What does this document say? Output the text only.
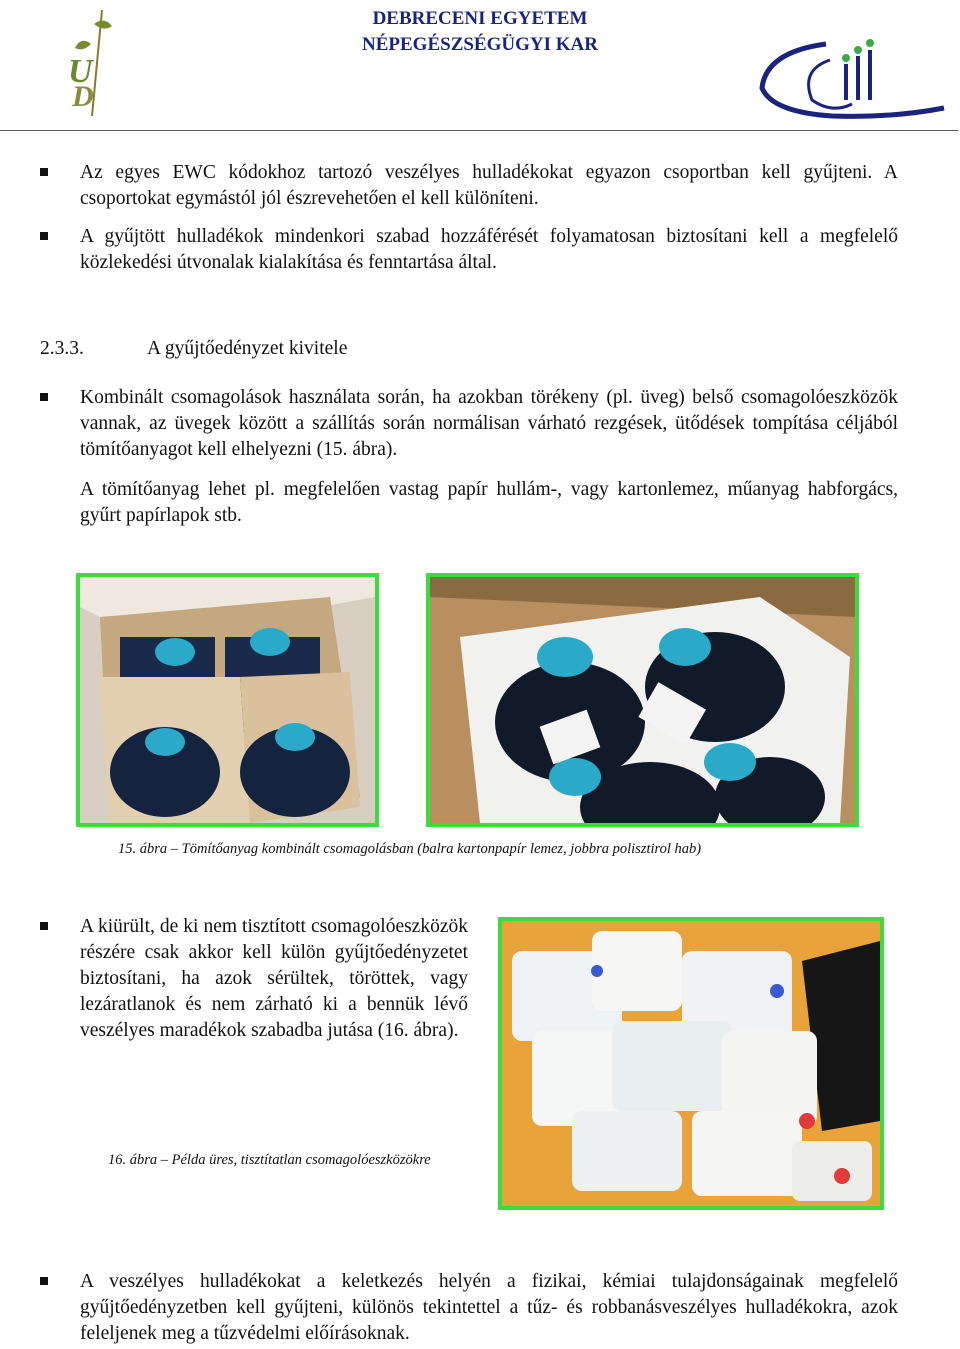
U
D
DEBRECENI EGYETEM
NÉPEGÉSZSÉGÜGYI KAR
Az egyes EWC kódokhoz tartozó veszélyes hulladékokat egyazon csoportban kell gyűjteni. A csoportokat egymástól jól észrevehetően el kell különíteni.
A gyűjtött hulladékok mindenkori szabad hozzáférését folyamatosan biztosítani kell a megfelelő közlekedési útvonalak kialakítása és fenntartása által.
2.3.3.	A gyűjtőedényzet kivitele
Kombinált csomagolások használata során, ha azokban törékeny (pl. üveg) belső csomagolóeszközök vannak, az üvegek között a szállítás során normálisan várható rezgések, ütődések tompítása céljából tömítőanyagot kell elhelyezni (15. ábra).
A tömítőanyag lehet pl. megfelelően vastag papír hullám-, vagy kartonlemez, műanyag habforgács, gyűrt papírlapok stb.
15. ábra – Tömítőanyag kombinált csomagolásban (balra kartonpapír lemez, jobbra polisztirol hab)
A kiürült, de ki nem tisztított csomagolóeszközök részére csak akkor kell külön gyűjtőedényzetet biztosítani, ha azok sérültek, töröttek, vagy lezáratlanok és nem zárható ki a bennük lévő veszélyes maradékok szabadba jutása (16. ábra).
16. ábra – Példa üres, tisztítatlan csomagolóeszközökre
A veszélyes hulladékokat a keletkezés helyén a fizikai, kémiai tulajdonságainak megfelelő gyűjtőedényzetben kell gyűjteni, különös tekintettel a tűz- és robbanásveszélyes hulladékokra, azok feleljenek meg a tűzvédelmi előírásoknak.
